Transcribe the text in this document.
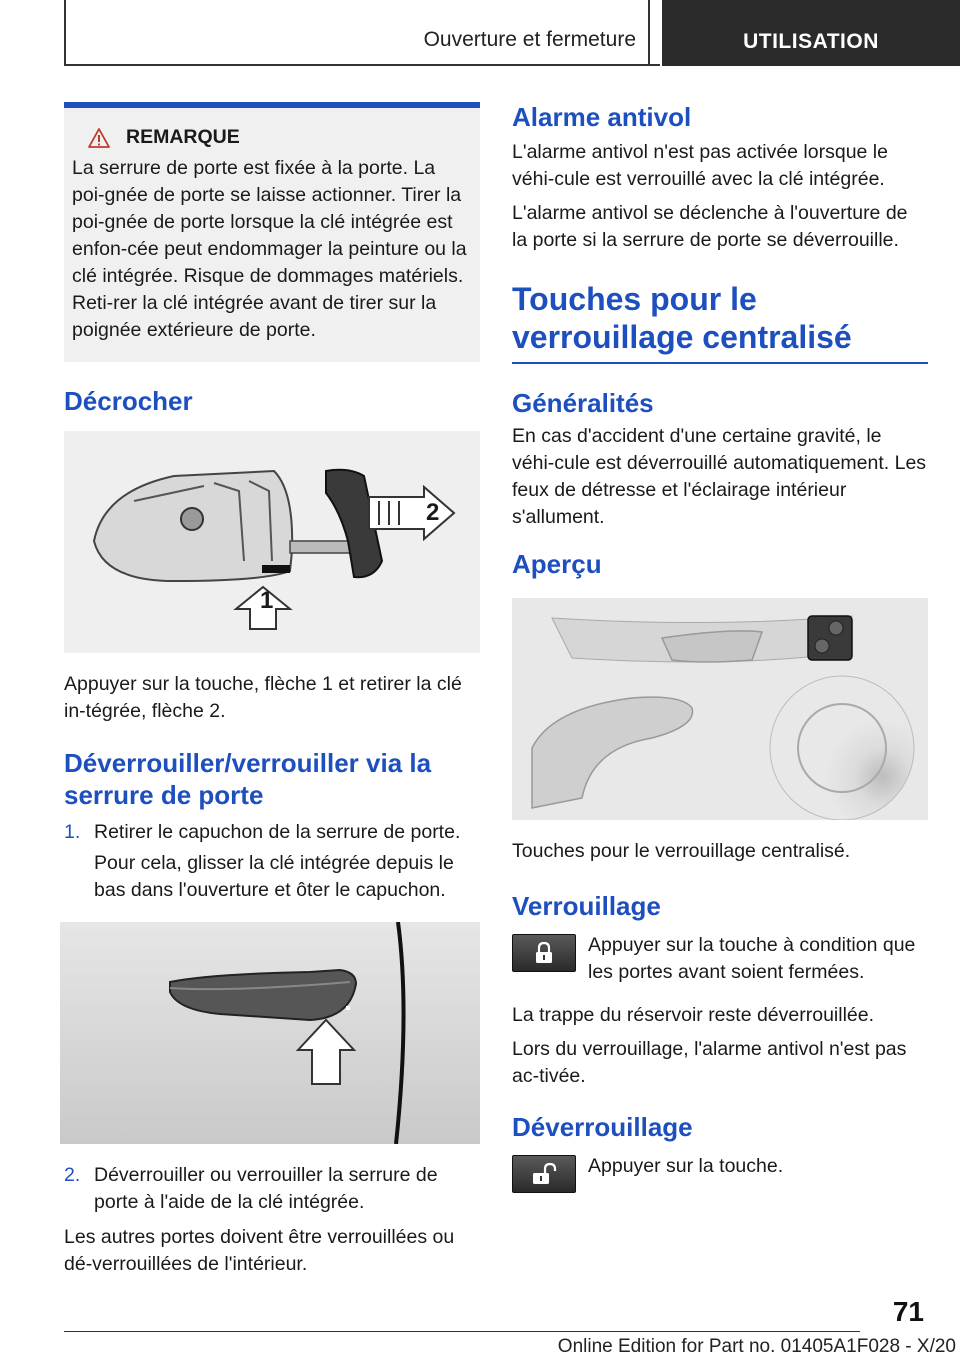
Ouverture et fermeture	UTILISATION
REMARQUE

La serrure de porte est fixée à la porte. La poi-gnée de porte se laisse actionner. Tirer la poi-gnée de porte lorsque la clé intégrée est enfon-cée peut endommager la peinture ou la clé intégrée. Risque de dommages matériels. Reti-rer la clé intégrée avant de tirer sur la poignée extérieure de porte.

Décrocher
1
2

Appuyer sur la touche, flèche 1 et retirer la clé in-tégrée, flèche 2.

Déverrouiller/verrouiller via la serrure de porte
1. Retirer le capuchon de la serrure de porte.

Pour cela, glisser la clé intégrée depuis le bas dans l'ouverture et ôter le capuchon.

2. Déverrouiller ou verrouiller la serrure de porte à l'aide de la clé intégrée.

Les autres portes doivent être verrouillées ou dé-verrouillées de l'intérieur.

Alarme antivol

L'alarme antivol n'est pas activée lorsque le véhi-cule est verrouillé avec la clé intégrée.

L'alarme antivol se déclenche à l'ouverture de la porte si la serrure de porte se déverrouille.

Touches pour le verrouillage centralisé
Généralités

En cas d'accident d'une certaine gravité, le véhi-cule est déverrouillé automatiquement. Les feux de détresse et l'éclairage intérieur s'allument.

Aperçu

Touches pour le verrouillage centralisé.

Verrouillage

Appuyer sur la touche à condition que les portes avant soient fermées.

La trappe du réservoir reste déverrouillée.

Lors du verrouillage, l'alarme antivol n'est pas ac-tivée.

Déverrouillage

Appuyer sur la touche.

71
Online Edition for Part no. 01405A1F028 - X/20
